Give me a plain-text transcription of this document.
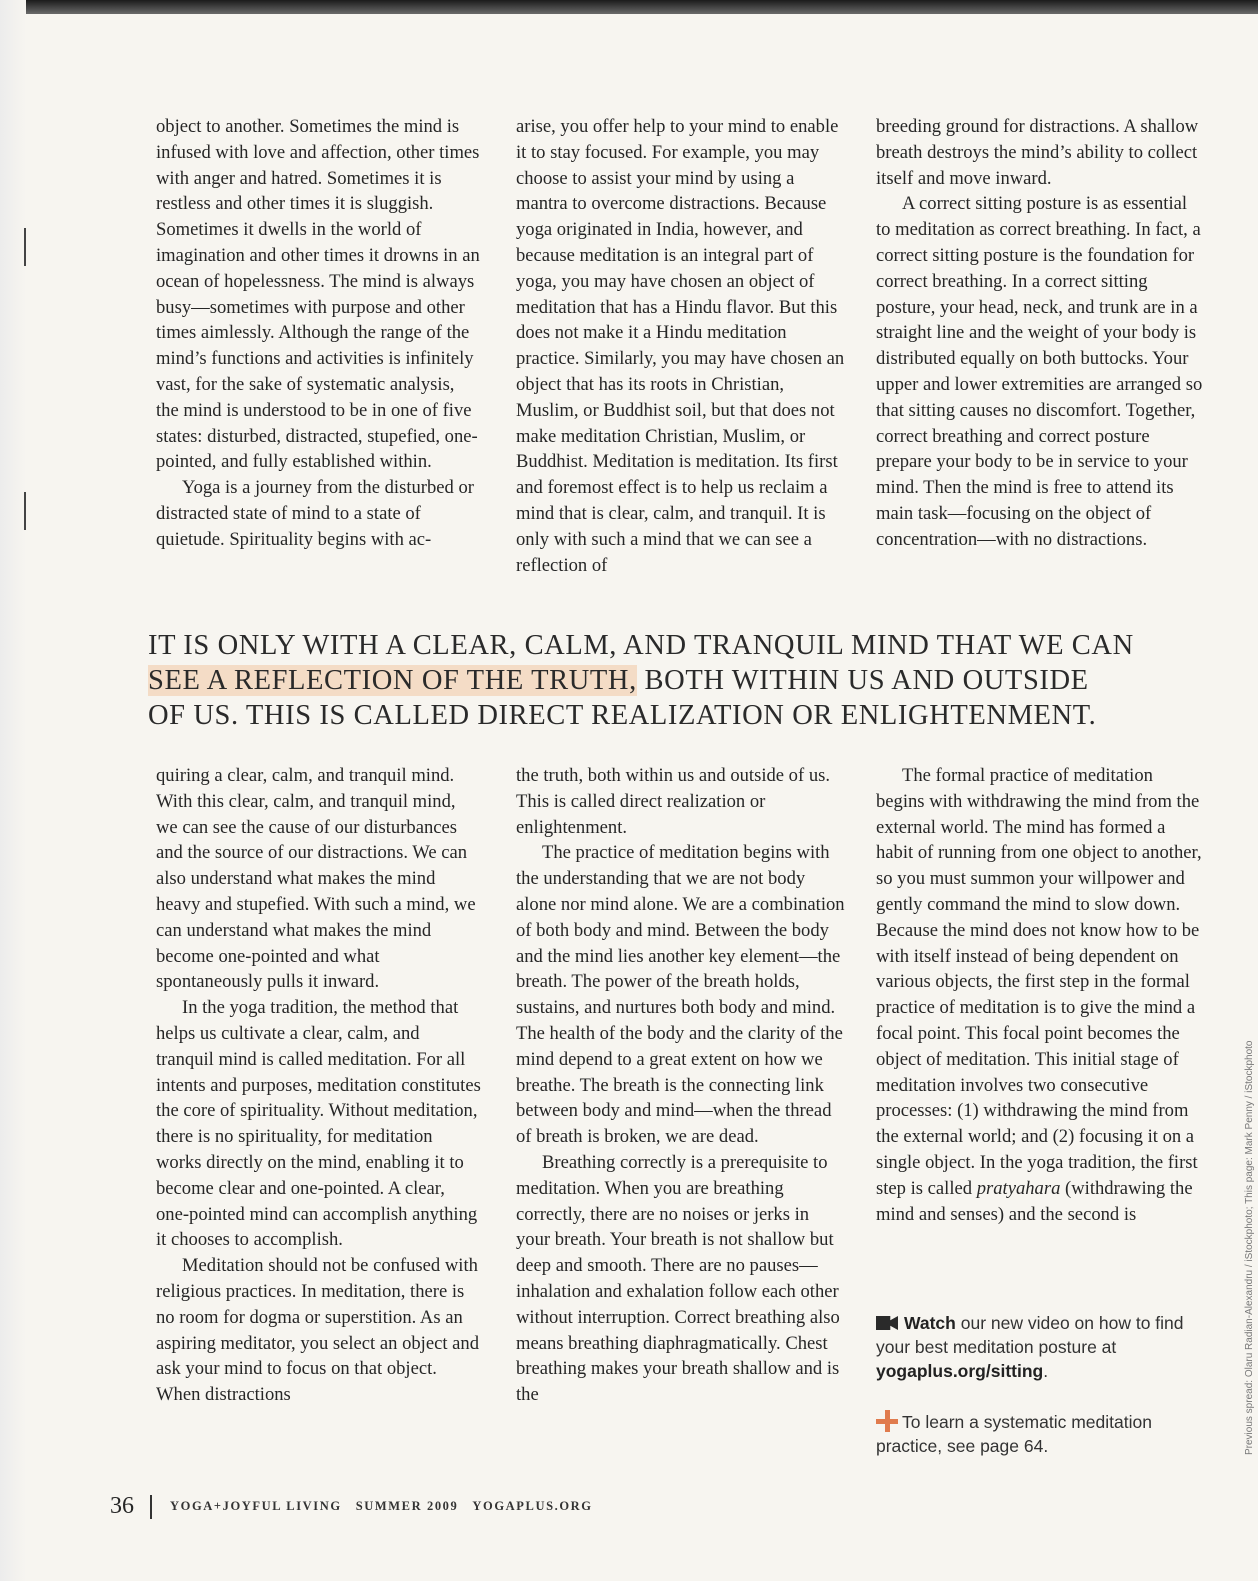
object to another. Sometimes the mind is infused with love and affection, other times with anger and hatred. Sometimes it is restless and other times it is sluggish. Sometimes it dwells in the world of imagination and other times it drowns in an ocean of hopelessness. The mind is always busy—sometimes with purpose and other times aimlessly. Although the range of the mind’s functions and activities is infinitely vast, for the sake of systematic analysis, the mind is understood to be in one of five states: disturbed, distracted, stupefied, one-pointed, and fully established within.

Yoga is a journey from the disturbed or distracted state of mind to a state of quietude. Spirituality begins with ac-

arise, you offer help to your mind to enable it to stay focused. For example, you may choose to assist your mind by using a mantra to overcome distractions. Because yoga originated in India, however, and because meditation is an integral part of yoga, you may have chosen an object of meditation that has a Hindu flavor. But this does not make it a Hindu meditation practice. Similarly, you may have chosen an object that has its roots in Christian, Muslim, or Buddhist soil, but that does not make meditation Christian, Muslim, or Buddhist. Meditation is meditation. Its first and foremost effect is to help us reclaim a mind that is clear, calm, and tranquil. It is only with such a mind that we can see a reflection of

breeding ground for distractions. A shallow breath destroys the mind’s ability to collect itself and move inward.

A correct sitting posture is as essential to meditation as correct breathing. In fact, a correct sitting posture is the foundation for correct breathing. In a correct sitting posture, your head, neck, and trunk are in a straight line and the weight of your body is distributed equally on both buttocks. Your upper and lower extremities are arranged so that sitting causes no discomfort. Together, correct breathing and correct posture prepare your body to be in service to your mind. Then the mind is free to attend its main task—focusing on the object of concentration—with no distractions.

IT IS ONLY WITH A CLEAR, CALM, AND TRANQUIL MIND THAT WE CAN
SEE A REFLECTION OF THE TRUTH, BOTH WITHIN US AND OUTSIDE
OF US. THIS IS CALLED DIRECT REALIZATION OR ENLIGHTENMENT.

quiring a clear, calm, and tranquil mind. With this clear, calm, and tranquil mind, we can see the cause of our disturbances and the source of our distractions. We can also understand what makes the mind heavy and stupefied. With such a mind, we can understand what makes the mind become one-pointed and what spontaneously pulls it inward.

In the yoga tradition, the method that helps us cultivate a clear, calm, and tranquil mind is called meditation. For all intents and purposes, meditation constitutes the core of spirituality. Without meditation, there is no spirituality, for meditation works directly on the mind, enabling it to become clear and one-pointed. A clear, one-pointed mind can accomplish anything it chooses to accomplish.

Meditation should not be confused with religious practices. In meditation, there is no room for dogma or superstition. As an aspiring meditator, you select an object and ask your mind to focus on that object. When distractions

the truth, both within us and outside of us. This is called direct realization or enlightenment.

The practice of meditation begins with the understanding that we are not body alone nor mind alone. We are a combination of both body and mind. Between the body and the mind lies another key element—the breath. The power of the breath holds, sustains, and nurtures both body and mind. The health of the body and the clarity of the mind depend to a great extent on how we breathe. The breath is the connecting link between body and mind—when the thread of breath is broken, we are dead.

Breathing correctly is a prerequisite to meditation. When you are breathing correctly, there are no noises or jerks in your breath. Your breath is not shallow but deep and smooth. There are no pauses—inhalation and exhalation follow each other without interruption. Correct breathing also means breathing diaphragmatically. Chest breathing makes your breath shallow and is the

The formal practice of meditation begins with withdrawing the mind from the external world. The mind has formed a habit of running from one object to another, so you must summon your willpower and gently command the mind to slow down. Because the mind does not know how to be with itself instead of being dependent on various objects, the first step in the formal practice of meditation is to give the mind a focal point. This focal point becomes the object of meditation. This initial stage of meditation involves two consecutive processes: (1) withdrawing the mind from the external world; and (2) focusing it on a single object. In the yoga tradition, the first step is called pratyahara (withdrawing the mind and senses) and the second is

Watch our new video on how to find your best meditation posture at yogaplus.org/sitting.
To learn a systematic meditation practice, see page 64.
36	YOGA+JOYFUL LIVING SUMMER 2009 YOGAPLUS.ORG
Previous spread: Olaru Radian-Alexandru / iStockphoto; This page: Mark Penny / iStockphoto
